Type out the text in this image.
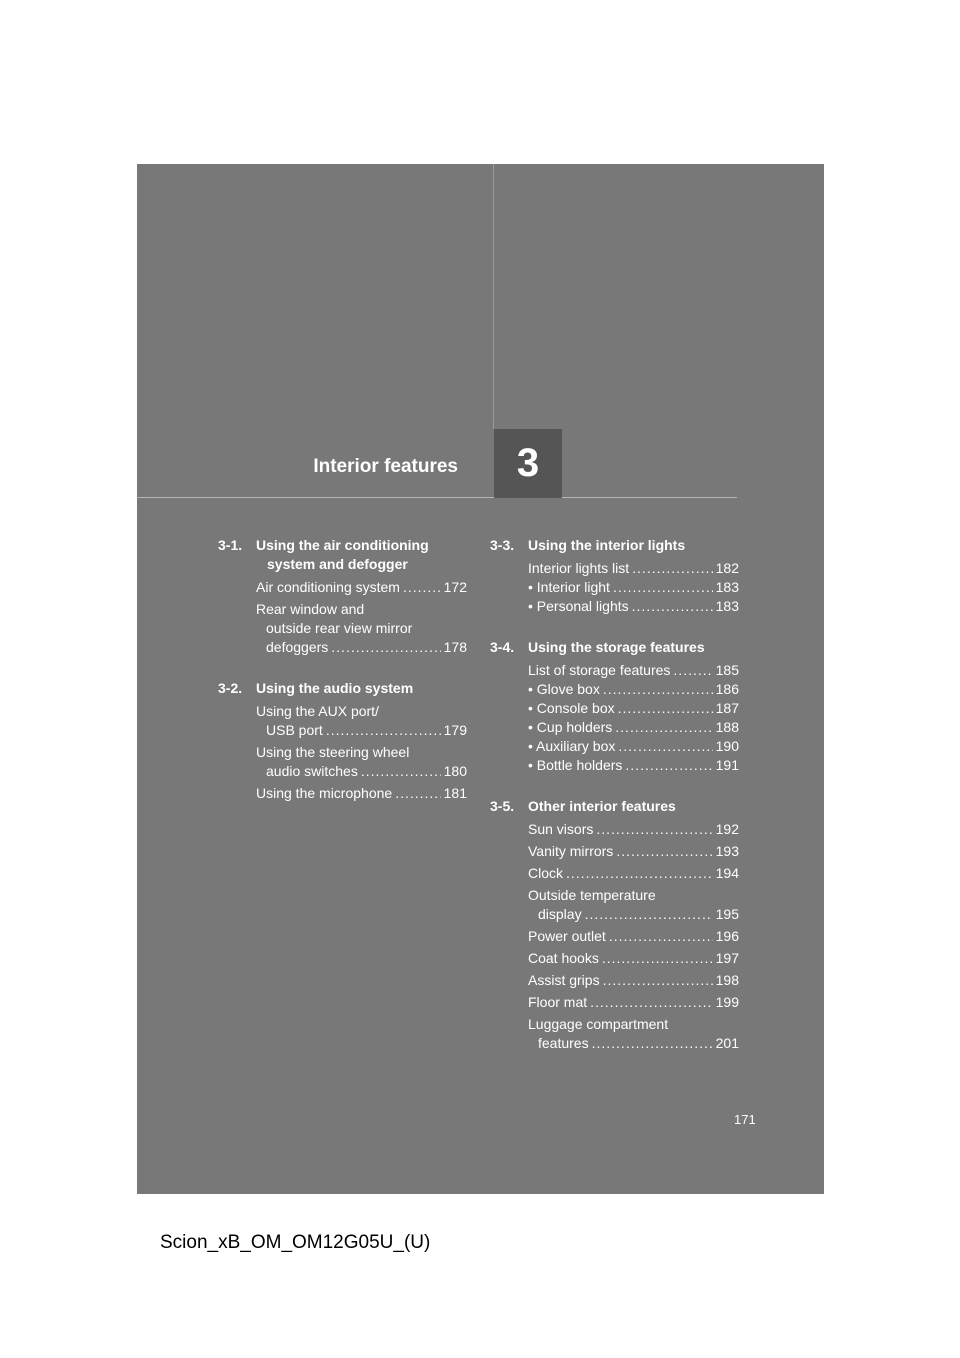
Interior features 3
3-1. Using the air conditioning
system and defogger
Air conditioning system .....	172
Rear window and
outside rear view mirror
defoggers .....	178
3-2. Using the audio system
Using the AUX port/
USB port .....	179
Using the steering wheel
audio switches .....	180
Using the microphone .....	181
3-3. Using the interior lights
Interior lights list .....	182
• Interior light .....	183
• Personal lights .....	183
3-4. Using the storage features
List of storage features .....	185
• Glove box .....	186
• Console box .....	187
• Cup holders .....	188
• Auxiliary box .....	190
• Bottle holders .....	191
3-5. Other interior features
Sun visors .....	192
Vanity mirrors .....	193
Clock .....	194
Outside temperature
display .....	195
Power outlet .....	196
Coat hooks .....	197
Assist grips .....	198
Floor mat .....	199
Luggage compartment
features .....	201
171
Scion_xB_OM_OM12G05U_(U)
